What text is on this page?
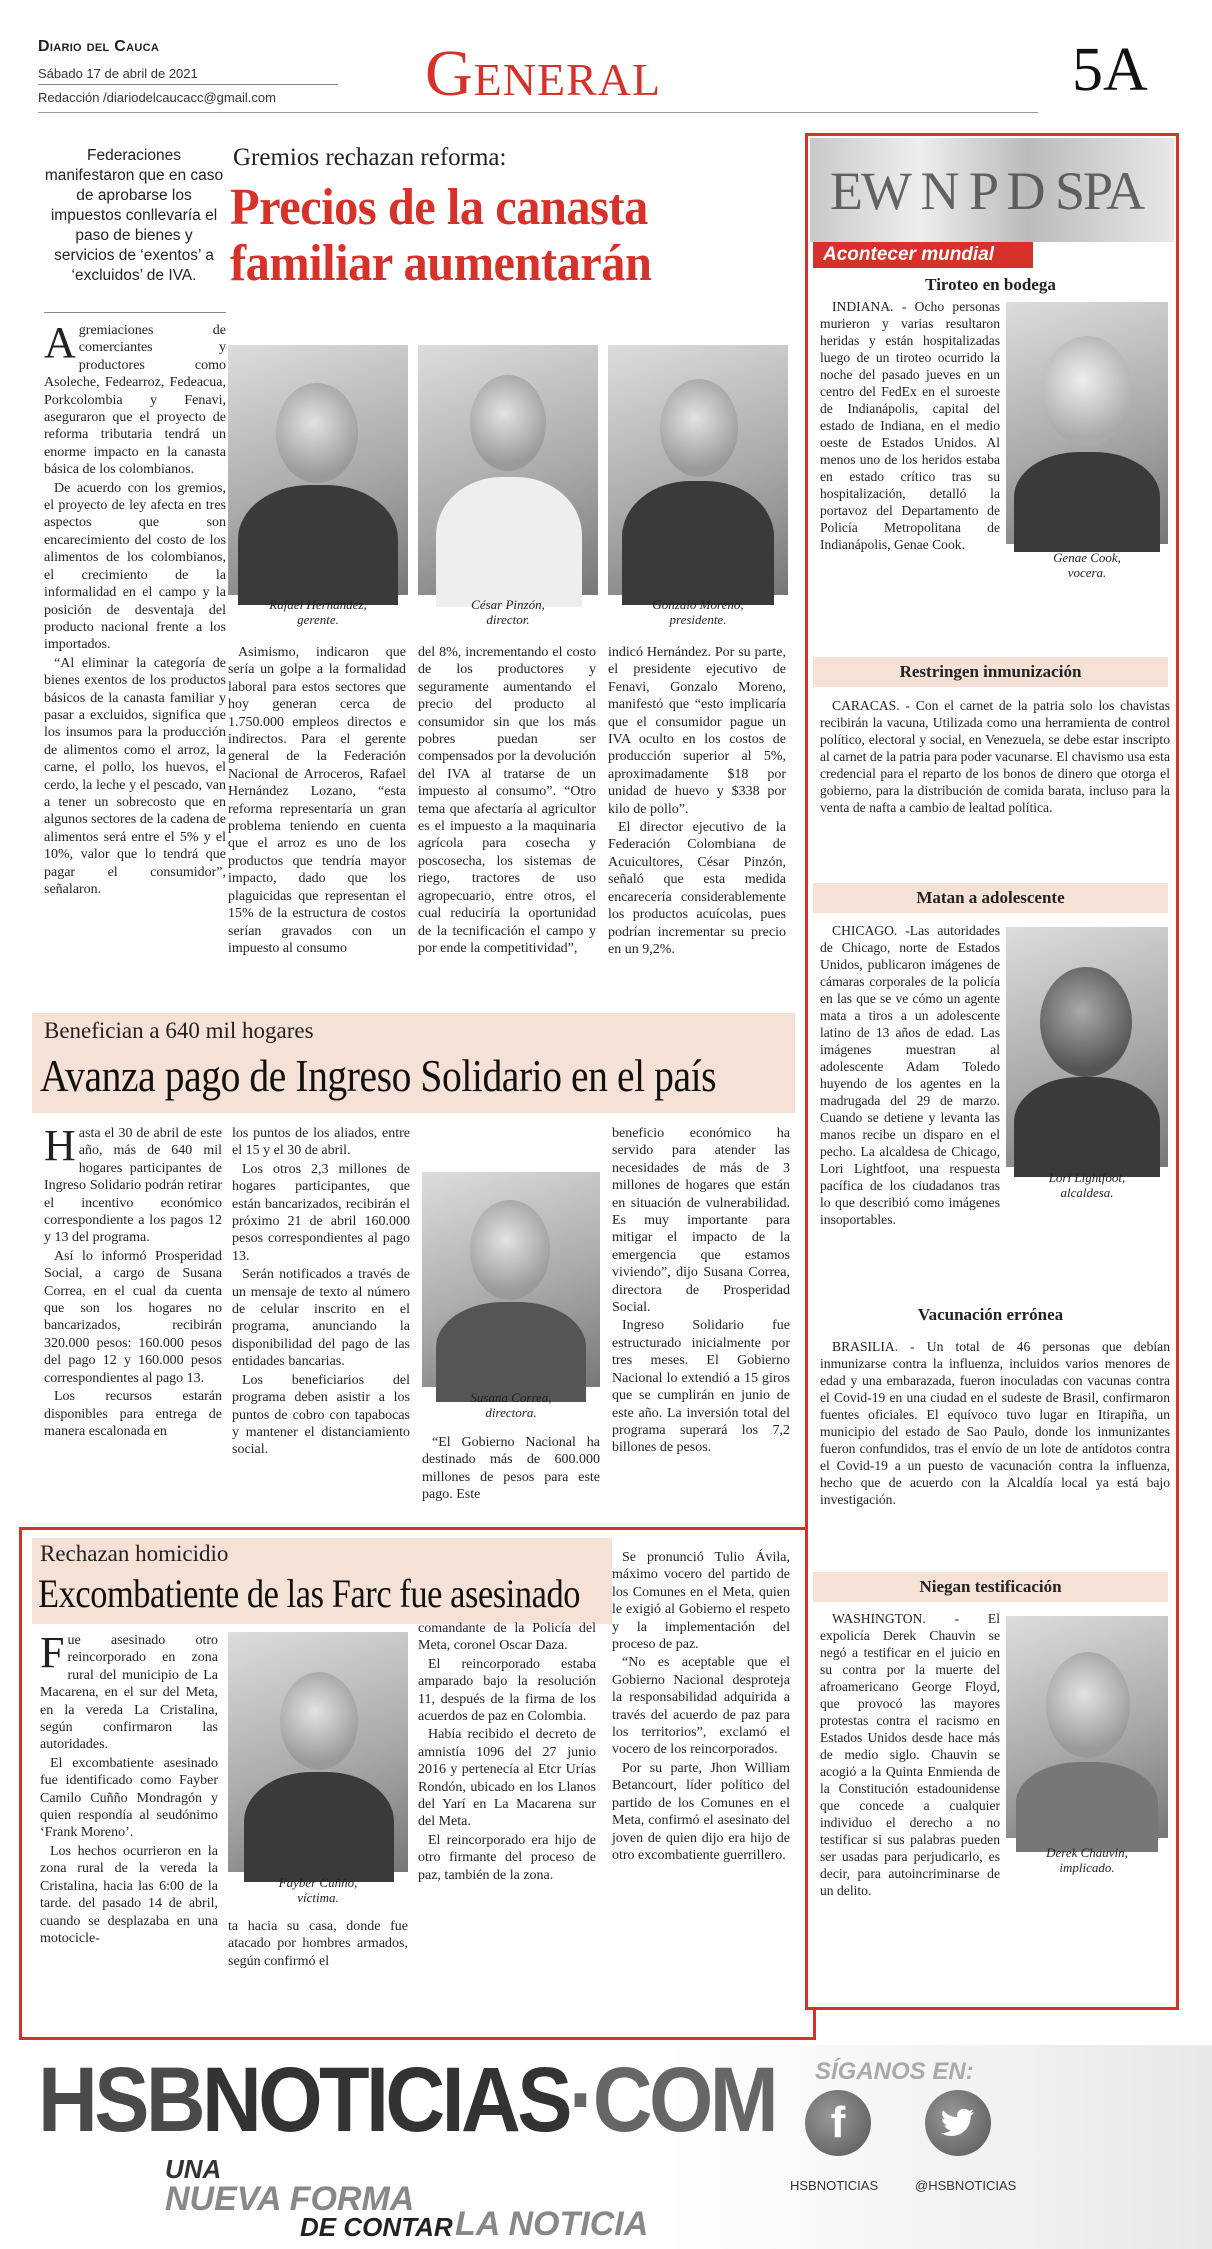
Diario del Cauca
Sábado 17 de abril de 2021
Redacción /diariodelcaucacc@gmail.com General	5A
Federaciones manifestaron que en caso de aprobarse los impuestos conllevaría el paso de bienes y servicios de ‘exentos’ a ‘excluidos’ de IVA.
Gremios rechazan reforma:
Precios de la canasta familiar aumentarán
A gremiaciones de comerciantes y productores como Asoleche, Fedearroz, Fedeacua, Porkcolombia y Fenavi, aseguraron que el proyecto de reforma tributaria tendrá un enorme impacto en la canasta básica de los colombianos.

De acuerdo con los gremios, el proyecto de ley afecta en tres aspectos que son encarecimiento del costo de los alimentos de los colombianos, el crecimiento de la informalidad en el campo y la posición de desventaja del producto nacional frente a los importados.

“Al eliminar la categoría de bienes exentos de los productos básicos de la canasta familiar y pasar a excluidos, significa que los insumos para la producción de alimentos como el arroz, la carne, el pollo, los huevos, el cerdo, la leche y el pescado, van a tener un sobrecosto que en algunos sectores de la cadena de alimentos será entre el 5% y el 10%, valor que lo tendrá que pagar el consumidor”, señalaron.

Rafael Hernández,
gerente.
César Pinzón,
director.
Gonzalo Moreno,
presidente.

Asimismo, indicaron que sería un golpe a la formalidad laboral para estos sectores que hoy generan cerca de 1.750.000 empleos directos e indirectos. Para el gerente general de la Federación Nacional de Arroceros, Rafael Hernández Lozano, “esta reforma representaría un gran problema teniendo en cuenta que el arroz es uno de los productos que tendría mayor impacto, dado que los plaguicidas que representan el 15% de la estructura de costos serían gravados con un impuesto al consumo

del 8%, incrementando el costo de los productores y seguramente aumentando el precio del producto al consumidor sin que los más pobres puedan ser compensados por la devolución del IVA al tratarse de un impuesto al consumo”. “Otro tema que afectaría al agricultor es el impuesto a la maquinaria agrícola para cosecha y poscosecha, los sistemas de riego, tractores de uso agropecuario, entre otros, el cual reduciría la oportunidad de la tecnificación el campo y por ende la competitividad”,

indicó Hernández. Por su parte, el presidente ejecutivo de Fenavi, Gonzalo Moreno, manifestó que “esto implicaría que el consumidor pague un IVA oculto en los costos de producción superior al 5%, aproximadamente $18 por unidad de huevo y $338 por kilo de pollo”.

El director ejecutivo de la Federación Colombiana de Acuicultores, César Pinzón, señaló que esta medida encarecería considerablemente los productos acuícolas, pues podrían incrementar su precio en un 9,2%.

Benefician a 640 mil hogares
Avanza pago de Ingreso Solidario en el país
H asta el 30 de abril de este año, más de 640 mil hogares participantes de Ingreso Solidario podrán retirar el incentivo económico correspondiente a los pagos 12 y 13 del programa.

Así lo informó Prosperidad Social, a cargo de Susana Correa, en el cual da cuenta que son los hogares no bancarizados, recibirán 320.000 pesos: 160.000 pesos del pago 12 y 160.000 pesos correspondientes al pago 13.

Los recursos estarán disponibles para entrega de manera escalonada en

los puntos de los aliados, entre el 15 y el 30 de abril.

Los otros 2,3 millones de hogares participantes, que están bancarizados, recibirán el próximo 21 de abril 160.000 pesos correspondientes al pago 13.

Serán notificados a través de un mensaje de texto al número de celular inscrito en el programa, anunciando la disponibilidad del pago de las entidades bancarias.

Los beneficiarios del programa deben asistir a los puntos de cobro con tapabocas y mantener el distanciamiento social.

Susana Correa,
directora.

“El Gobierno Nacional ha destinado más de 600.000 millones de pesos para este pago. Este

beneficio económico ha servido para atender las necesidades de más de 3 millones de hogares que están en situación de vulnerabilidad. Es muy importante para mitigar el impacto de la emergencia que estamos viviendo”, dijo Susana Correa, directora de Prosperidad Social.

Ingreso Solidario fue estructurado inicialmente por tres meses. El Gobierno Nacional lo extendió a 15 giros que se cumplirán en junio de este año. La inversión total del programa superará los 7,2 billones de pesos.

Rechazan homicidio
Excombatiente de las Farc fue asesinado
F ue asesinado otro reincorporado en zona rural del municipio de La Macarena, en el sur del Meta, en la vereda La Cristalina, según confirmaron las autoridades.

El excombatiente asesinado fue identificado como Fayber Camilo Cuñño Mondragón y quien respondía al seudónimo ‘Frank Moreno’.

Los hechos ocurrieron en la zona rural de la vereda la Cristalina, hacia las 6:00 de la tarde. del pasado 14 de abril, cuando se desplazaba en una motocicle-

Fayber Cuñño,
víctima.

ta hacia su casa, donde fue atacado por hombres armados, según confirmó el

comandante de la Policía del Meta, coronel Oscar Daza.

El reincorporado estaba amparado bajo la resolución 11, después de la firma de los acuerdos de paz en Colombia.

Había recibido el decreto de amnistía 1096 del 27 junio 2016 y pertenecía al Etcr Urías Rondón, ubicado en los Llanos del Yarí en La Macarena sur del Meta.

El reincorporado era hijo de otro firmante del proceso de paz, también de la zona.

Se pronunció Tulio Ávila, máximo vocero del partido de los Comunes en el Meta, quien le exigió al Gobierno el respeto y la implementación del proceso de paz.

“No es aceptable que el Gobierno Nacional desproteja la responsabilidad adquirida a través del acuerdo de paz para los territorios”, exclamó el vocero de los reincorporados.

Por su parte, Jhon William Betancourt, líder político del partido de los Comunes en el Meta, confirmó el asesinato del joven de quien dijo era hijo de otro excombatiente guerrillero.

EW N P D SPA
Acontecer mundial
Tiroteo en bodega
INDIANA. - Ocho personas murieron y varias resultaron heridas y están hospitalizadas luego de un tiroteo ocurrido la noche del pasado jueves en un centro del FedEx en el suroeste de Indianápolis, capital del estado de Indiana, en el medio oeste de Estados Unidos. Al menos uno de los heridos estaba en estado crítico tras su hospitalización, detalló la portavoz del Departamento de Policía Metropolitana de Indianápolis, Genae Cook.
Genae Cook,
vocera.
Restringen inmunización
CARACAS. - Con el carnet de la patria solo los chavistas recibirán la vacuna, Utilizada como una herramienta de control político, electoral y social, en Venezuela, se debe estar inscripto al carnet de la patria para poder vacunarse. El chavismo usa esta credencial para el reparto de los bonos de dinero que otorga el gobierno, para la distribución de comida barata, incluso para la venta de nafta a cambio de lealtad política.
Matan a adolescente
CHICAGO. -Las autoridades de Chicago, norte de Estados Unidos, publicaron imágenes de cámaras corporales de la policía en las que se ve cómo un agente mata a tiros a un adolescente latino de 13 años de edad. Las imágenes muestran al adolescente Adam Toledo huyendo de los agentes en la madrugada del 29 de marzo. Cuando se detiene y levanta las manos recibe un disparo en el pecho. La alcaldesa de Chicago, Lori Lightfoot, una respuesta pacífica de los ciudadanos tras lo que describió como imágenes insoportables.
Lori Lightfoot,
alcaldesa.
Vacunación errónea
BRASILIA. - Un total de 46 personas que debían inmunizarse contra la influenza, incluidos varios menores de edad y una embarazada, fueron inoculadas con vacunas contra el Covid-19 en una ciudad en el sudeste de Brasil, confirmaron fuentes oficiales. El equívoco tuvo lugar en Itirapiña, un municipio del estado de Sao Paulo, donde los inmunizantes fueron confundidos, tras el envío de un lote de antídotos contra el Covid-19 a un puesto de vacunación contra la influenza, hecho que de acuerdo con la Alcaldía local ya está bajo investigación.
Niegan testificación
WASHINGTON. - El expolicía Derek Chauvin se negó a testificar en el juicio en su contra por la muerte del afroamericano George Floyd, que provocó las mayores protestas contra el racismo en Estados Unidos desde hace más de medio siglo. Chauvin se acogió a la Quinta Enmienda de la Constitución estadounidense que concede a cualquier individuo el derecho a no testificar si sus palabras pueden ser usadas para perjudicarlo, es decir, para autoincriminarse de un delito.
Derek Chauvin,
implicado.
HSBNOTICIAS·COM
UNA
NUEVA FORMA
DE CONTAR LA NOTICIA
SÍGANOS EN:
f
HSBNOTICIAS	@HSBNOTICIAS
